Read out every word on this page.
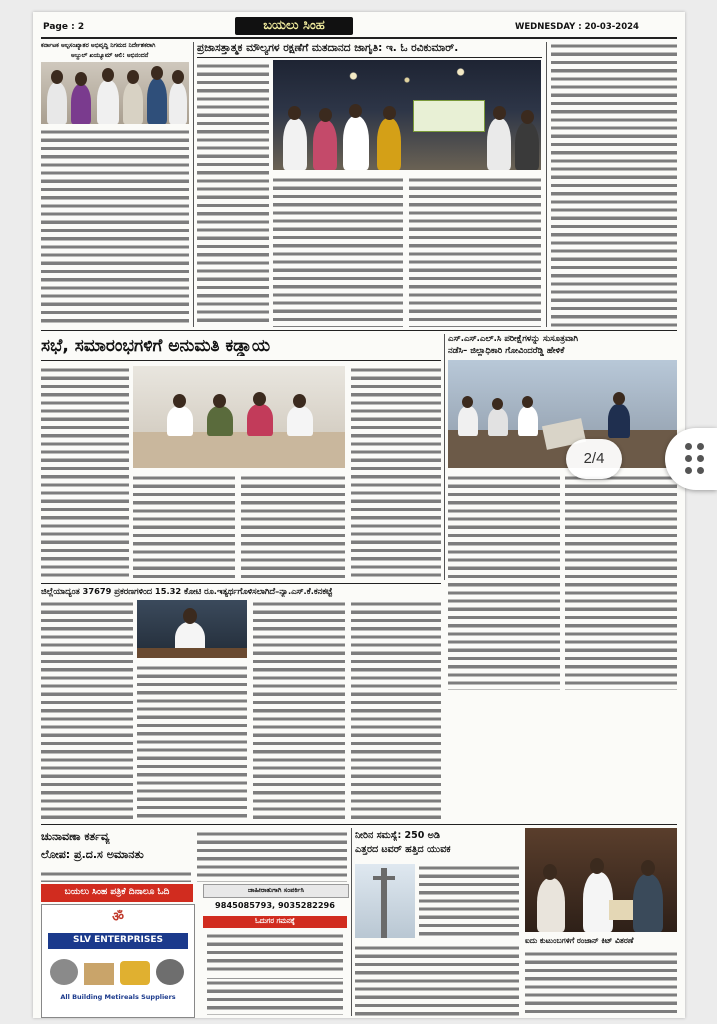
Page : 2	ಬಯಲು ಸಿಂಹ	WEDNESDAY : 20-03-2024
ಕರ್ನಾಟಕ ಅಲ್ಪಸಂಖ್ಯಾತರ ಅಭಿವೃದ್ಧಿ ನಿಗಮದ ನಿರ್ದೇಶಕರಾಗಿ
ಅಬ್ದುಲ್ ಖಯ್ಯೂಮ್ ಆಲಿ: ಅಭಿನಂದನೆ
ಪ್ರಜಾಸತ್ತಾತ್ಮಕ ಮೌಲ್ಯಗಳ ರಕ್ಷಣೆಗೆ ಮತದಾನದ ಜಾಗೃತಿ: ಇ. ಓ ರವಿಕುಮಾರ್.
ಸಭೆ, ಸಮಾರಂಭಗಳಿಗೆ ಅನುಮತಿ ಕಡ್ಡಾಯ	ಎಸ್.ಎಸ್.ಎಲ್.ಸಿ ಪರೀಕ್ಷೆಗಳನ್ನು ಸುಸೂತ್ರವಾಗಿ
ನಡೆಸಿ– ಜಿಲ್ಲಾಧಿಕಾರಿ ಗೋವಿಂದರೆಡ್ಡಿ ಹೇಳಿಕೆ
ಜಿಲ್ಲೆಯಾದ್ಯಂತ 37679 ಪ್ರಕರಣಗಳಿಂದ 15.32 ಕೋಟಿ ರೂ.ಇತ್ಯರ್ಥಗೊಳಿಸಲಾಗಿದೆ–ನ್ಯಾ.ಎಸ್.ಕೆ.ಕನಕಟ್ಟೆ
ಚುನಾವಣಾ ಕರ್ತವ್ಯ
ಲೋಪ: ಪ್ರ.ದ.ಸ ಅಮಾನತು
ಬಯಲು ಸಿಂಹ ಪತ್ರಿಕೆ ದಿನಾಲೂ ಓದಿ
ॐ
SLV ENTERPRISES
All Building Metireals Suppliers
ಜಾಹೀರಾತುಗಾಗಿ ಸಂಪರ್ಕಿಸಿ
9845085793, 9035282296
ಓದುಗರ ಗಮನಕ್ಕೆ
ನೀರಿನ ಸಮಸ್ಯೆ: 250 ಅಡಿ
ಎತ್ತರದ ಟವರ್ ಹತ್ತಿದ ಯುವಕ
ಐದು ಕುಟುಂಬಗಳಿಗೆ ರಂಜಾನ್ ಕಿಟ್ ವಿತರಣೆ
2/4
